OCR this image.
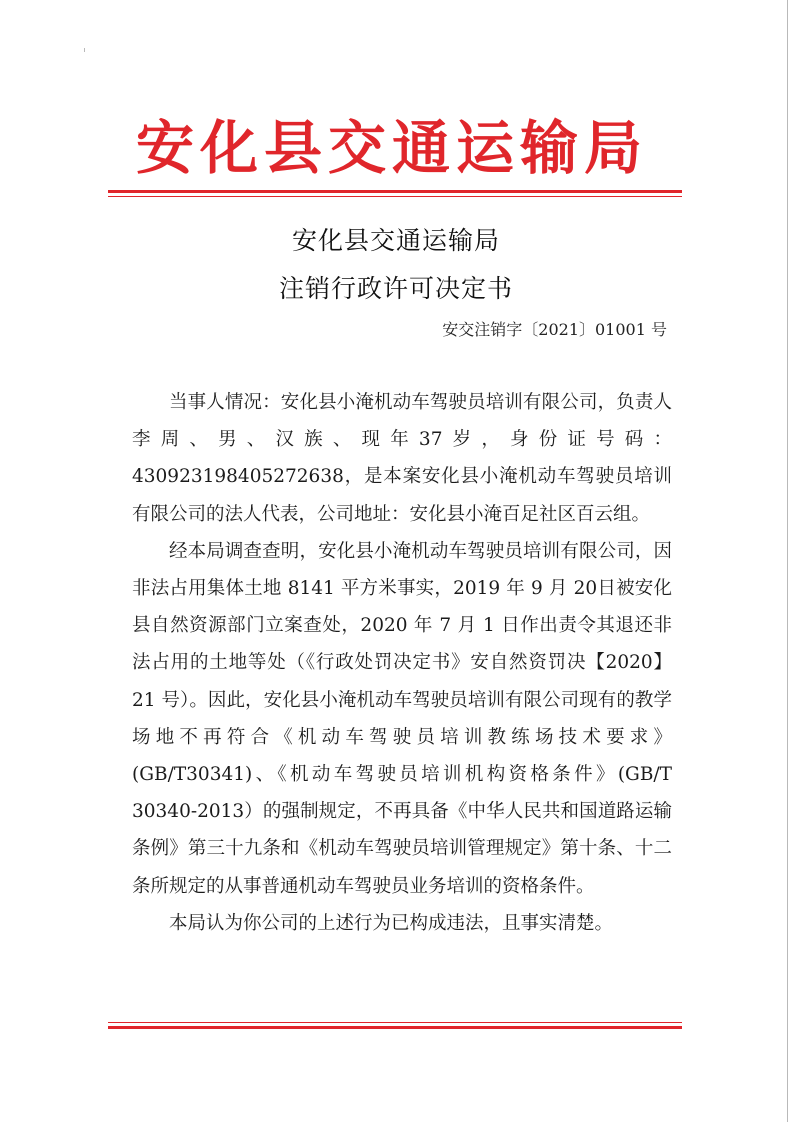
安化县交通运输局
安化县交通运输局
注销行政许可决定书
安交注销字〔2021〕01001 号

当事人情况：安化县小淹机动车驾驶员培训有限公司，负责人李周、男、汉族、现年37岁，身份证号码：430923198405272638，是本案安化县小淹机动车驾驶员培训有限公司的法人代表，公司地址：安化县小淹百足社区百云组。

经本局调查查明，安化县小淹机动车驾驶员培训有限公司，因非法占用集体土地 8141 平方米事实，2019 年 9 月 20日被安化县自然资源部门立案查处，2020 年 7 月 1 日作出责令其退还非法占用的土地等处（《行政处罚决定书》安自然资罚决【2020】21 号）。因此，安化县小淹机动车驾驶员培训有限公司现有的教学场地不再符合《机动车驾驶员培训教练场技术要求》(GB/T30341)、《机动车驾驶员培训机构资格条件》(GB/T 30340-2013）的强制规定，不再具备《中华人民共和国道路运输条例》第三十九条和《机动车驾驶员培训管理规定》第十条、十二条所规定的从事普通机动车驾驶员业务培训的资格条件。

本局认为你公司的上述行为已构成违法，且事实清楚。
